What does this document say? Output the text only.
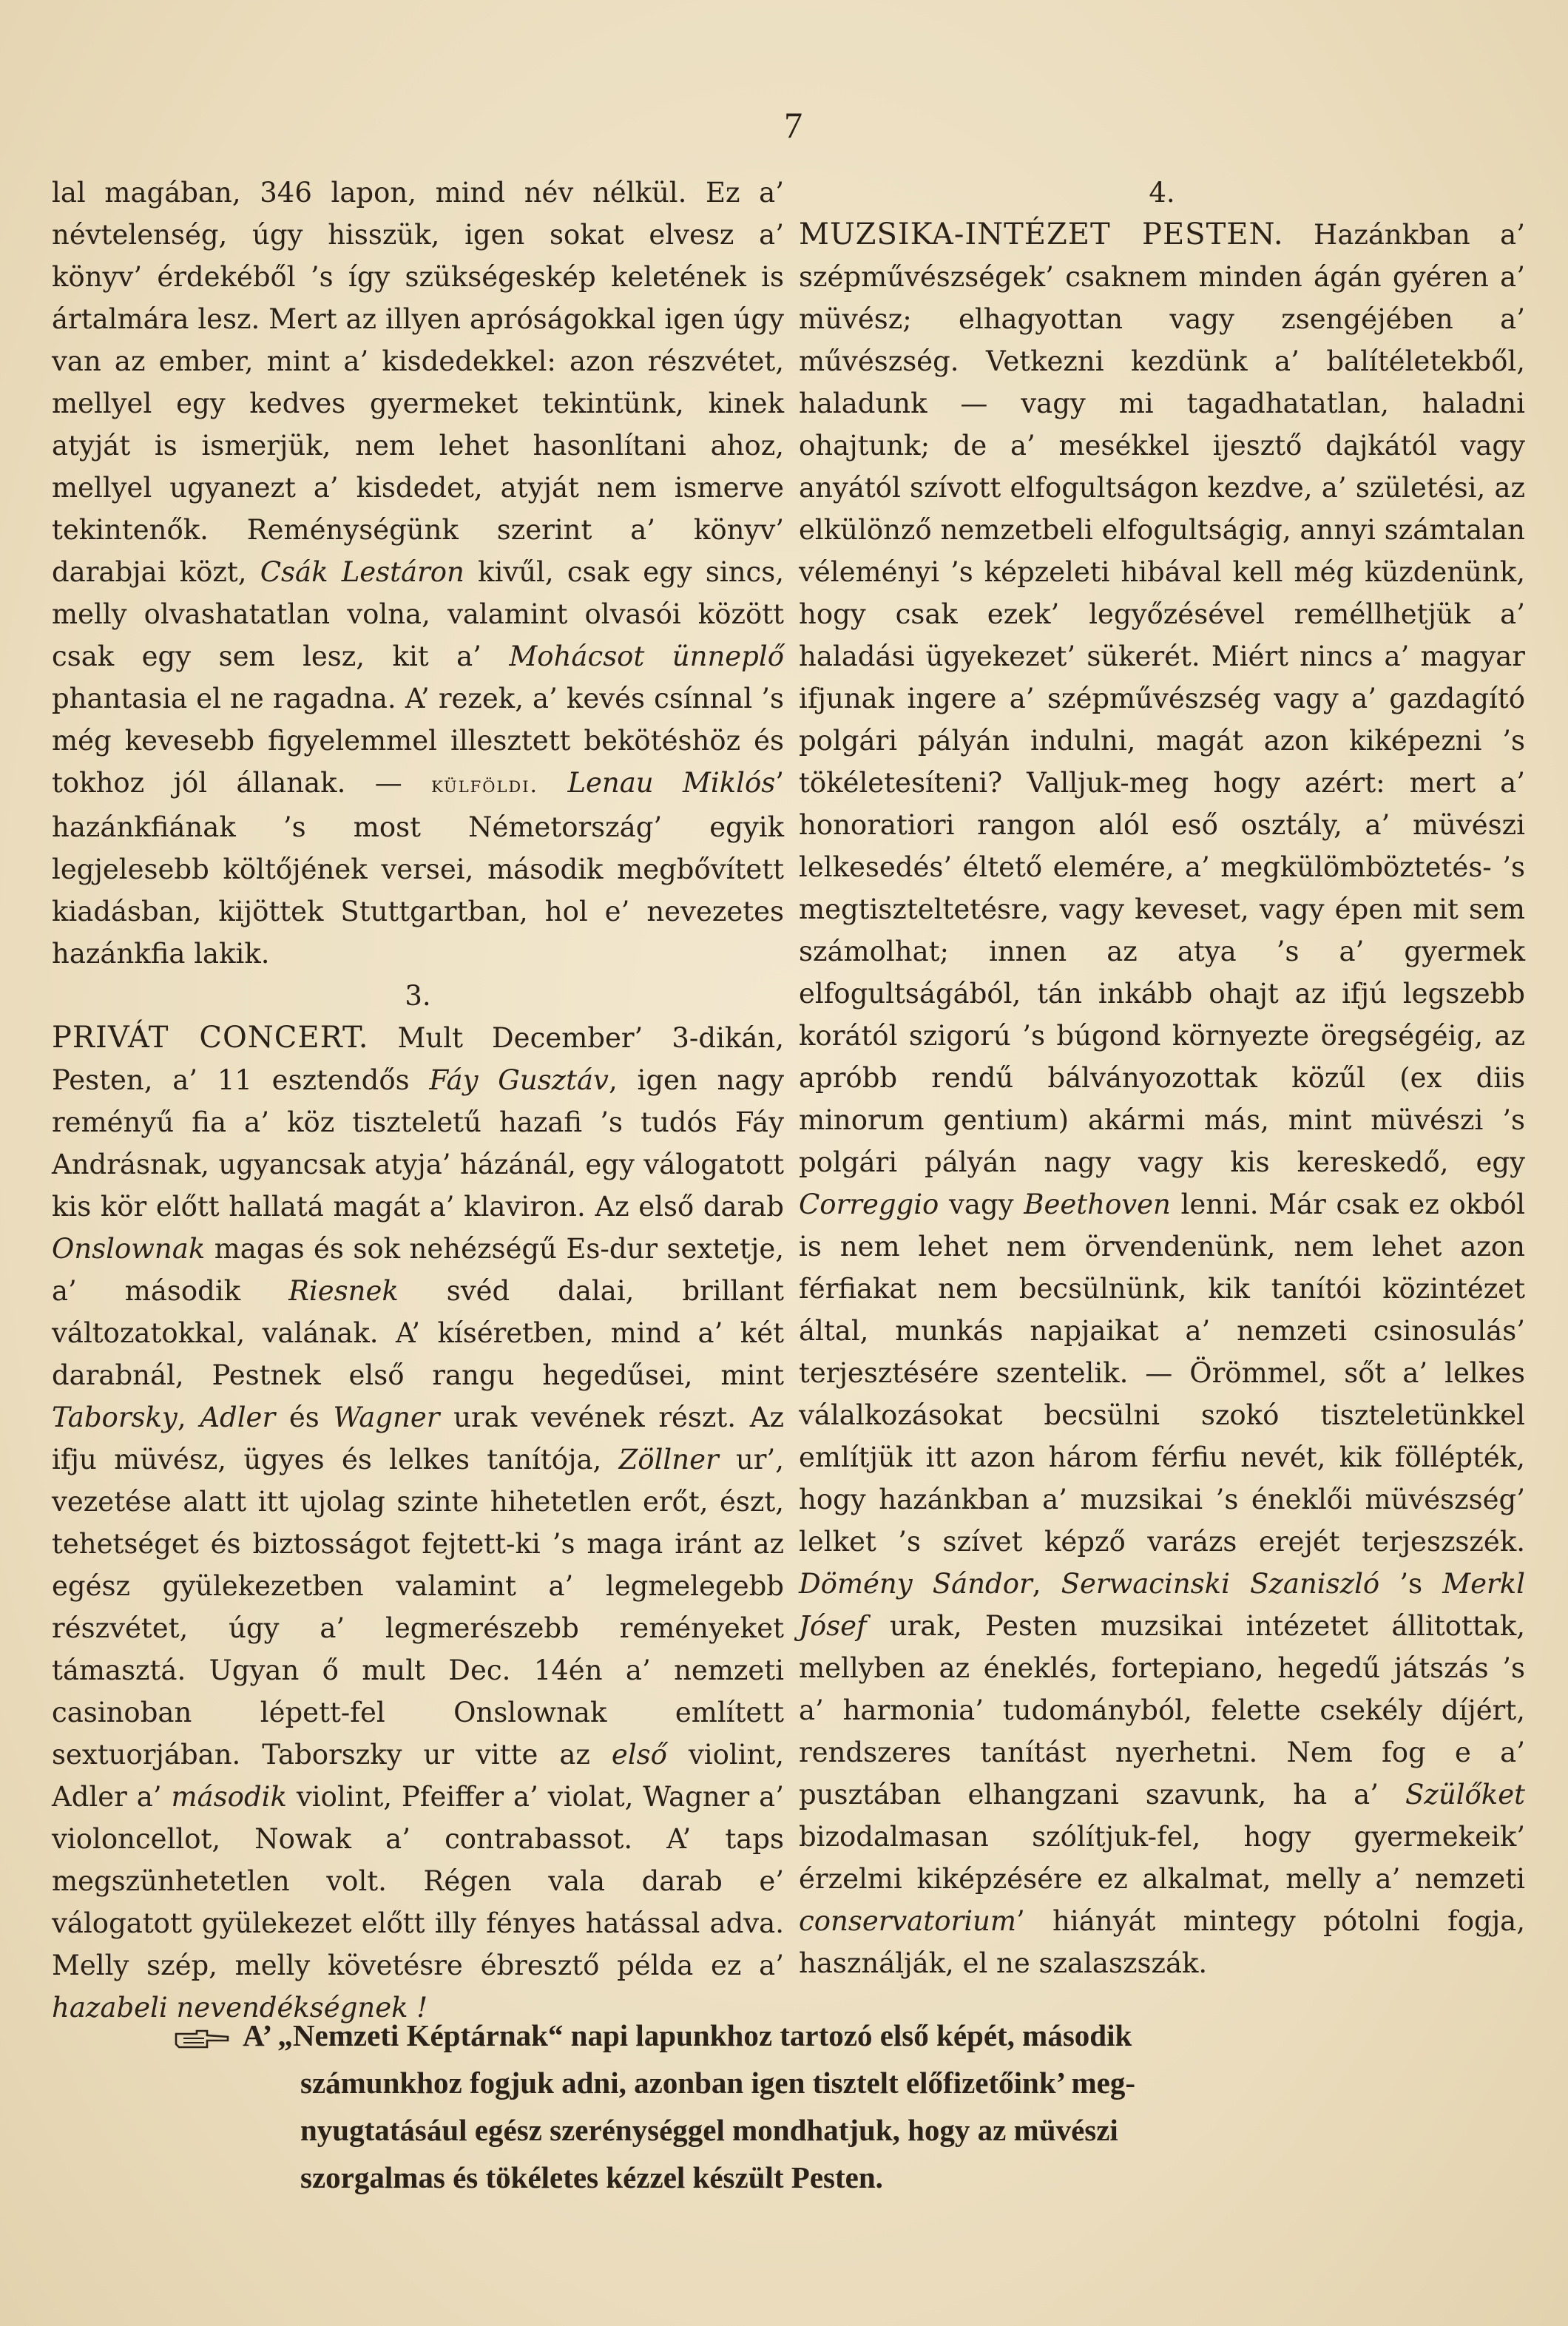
7

lal magában, 346 lapon, mind név nélkül. Ez a’ névtelenség, úgy hisszük, igen sokat elvesz a’ könyv’ érdekéből ’s így szükségeskép keletének is ártalmára lesz. Mert az illyen apróságokkal igen úgy van az ember, mint a’ kisdedekkel: azon részvétet, mellyel egy kedves gyermeket tekintünk, kinek atyját is ismerjük, nem lehet hasonlítani ahoz, mellyel ugyanezt a’ kisdedet, atyját nem ismerve tekintenők. Reménységünk szerint a’ könyv’ darabjai közt, Csák Lestáron kivűl, csak egy sincs, melly olvashatatlan volna, valamint olvasói között csak egy sem lesz, kit a’ Mohácsot ünneplő phantasia el ne ragadna. A’ rezek, a’ kevés csínnal ’s még kevesebb figyelemmel illesztett bekötéshöz és tokhoz jól állanak. — külföldi. Lenau Miklós’ hazánkfiának ’s most Németország’ egyik legjelesebb költőjének versei, második megbővített kiadásban, kijöttek Stuttgartban, hol e’ nevezetes hazánkfia lakik.

3.

PRIVÁT CONCERT. Mult December’ 3-dikán, Pesten, a’ 11 esztendős Fáy Gusztáv, igen nagy reményű fia a’ köz tiszteletű hazafi ’s tudós Fáy Andrásnak, ugyancsak atyja’ házánál, egy válogatott kis kör előtt hallatá magát a’ klaviron. Az első darab Onslownak magas és sok nehézségű Es-dur sextetje, a’ második Riesnek svéd dalai, brillant változatokkal, valának. A’ kíséretben, mind a’ két darabnál, Pestnek első rangu hegedűsei, mint Taborsky, Adler és Wagner urak vevének részt. Az ifju müvész, ügyes és lelkes tanítója, Zöllner ur’, vezetése alatt itt ujolag szinte hihetetlen erőt, észt, tehetséget és biztosságot fejtett-ki ’s maga iránt az egész gyülekezetben valamint a’ legmelegebb részvétet, úgy a’ legmerészebb reményeket támasztá. Ugyan ő mult Dec. 14én a’ nemzeti casinoban lépett-fel Onslownak említett sextuorjában. Taborszky ur vitte az első violint, Adler a’ második violint, Pfeiffer a’ violat, Wagner a’ violoncellot, Nowak a’ contrabassot. A’ taps megszünhetetlen volt. Régen vala darab e’ válogatott gyülekezet előtt illy fényes hatással adva. Melly szép, melly követésre ébresztő példa ez a’ hazabeli nevendékségnek !

4.

MUZSIKA-INTÉZET PESTEN. Hazánkban a’ szépművészségek’ csaknem minden ágán gyéren a’ müvész; elhagyottan vagy zsengéjében a’ művészség. Vetkezni kezdünk a’ balítéletekből, haladunk — vagy mi tagadhatatlan, haladni ohajtunk; de a’ mesékkel ijesztő dajkától vagy anyától szívott elfogultságon kezdve, a’ születési, az elkülönző nemzetbeli elfogultságig, annyi számtalan véleményi ’s képzeleti hibával kell még küzdenünk, hogy csak ezek’ legyőzésével reméllhetjük a’ haladási ügyekezet’ sükerét. Miért nincs a’ magyar ifjunak ingere a’ szépművészség vagy a’ gazdagító polgári pályán indulni, magát azon kiképezni ’s tökéletesíteni? Valljuk-meg hogy azért: mert a’ honoratiori rangon alól eső osztály, a’ müvészi lelkesedés’ éltető elemére, a’ megkülömböztetés- ’s megtiszteltetésre, vagy keveset, vagy épen mit sem számolhat; innen az atya ’s a’ gyermek elfogultságából, tán inkább ohajt az ifjú legszebb korától szigorú ’s búgond környezte öregségéig, az apróbb rendű bálványozottak közűl (ex diis minorum gentium) akármi más, mint müvészi ’s polgári pályán nagy vagy kis kereskedő, egy Correggio vagy Beethoven lenni. Már csak ez okból is nem lehet nem örvendenünk, nem lehet azon férfiakat nem becsülnünk, kik tanítói közintézet által, munkás napjaikat a’ nemzeti csinosulás’ terjesztésére szentelik. — Örömmel, sőt a’ lelkes válalkozásokat becsülni szokó tiszteletünkkel említjük itt azon három férfiu nevét, kik föllépték, hogy hazánkban a’ muzsikai ’s éneklői müvészség’ lelket ’s szívet képző varázs erejét terjeszszék. Dömény Sándor, Serwacinski Szaniszló ’s Merkl Jósef urak, Pesten muzsikai intézetet állitottak, mellyben az éneklés, fortepiano, hegedű játszás ’s a’ harmonia’ tudományból, felette csekély díjért, rendszeres tanítást nyerhetni. Nem fog e a’ pusztában elhangzani szavunk, ha a’ Szülőket bizodalmasan szólítjuk-fel, hogy gyermekeik’ érzelmi kiképzésére ez alkalmat, melly a’ nemzeti conservatorium’ hiányát mintegy pótolni fogja, használják, el ne szalaszszák.

A’ „Nemzeti Képtárnak“ napi lapunkhoz tartozó első képét, második
számunkhoz fogjuk adni, azonban igen tisztelt előfizetőink’ meg-
nyugtatásául egész szerénységgel mondhatjuk, hogy az müvészi
szorgalmas és tökéletes kézzel készült Pesten.
